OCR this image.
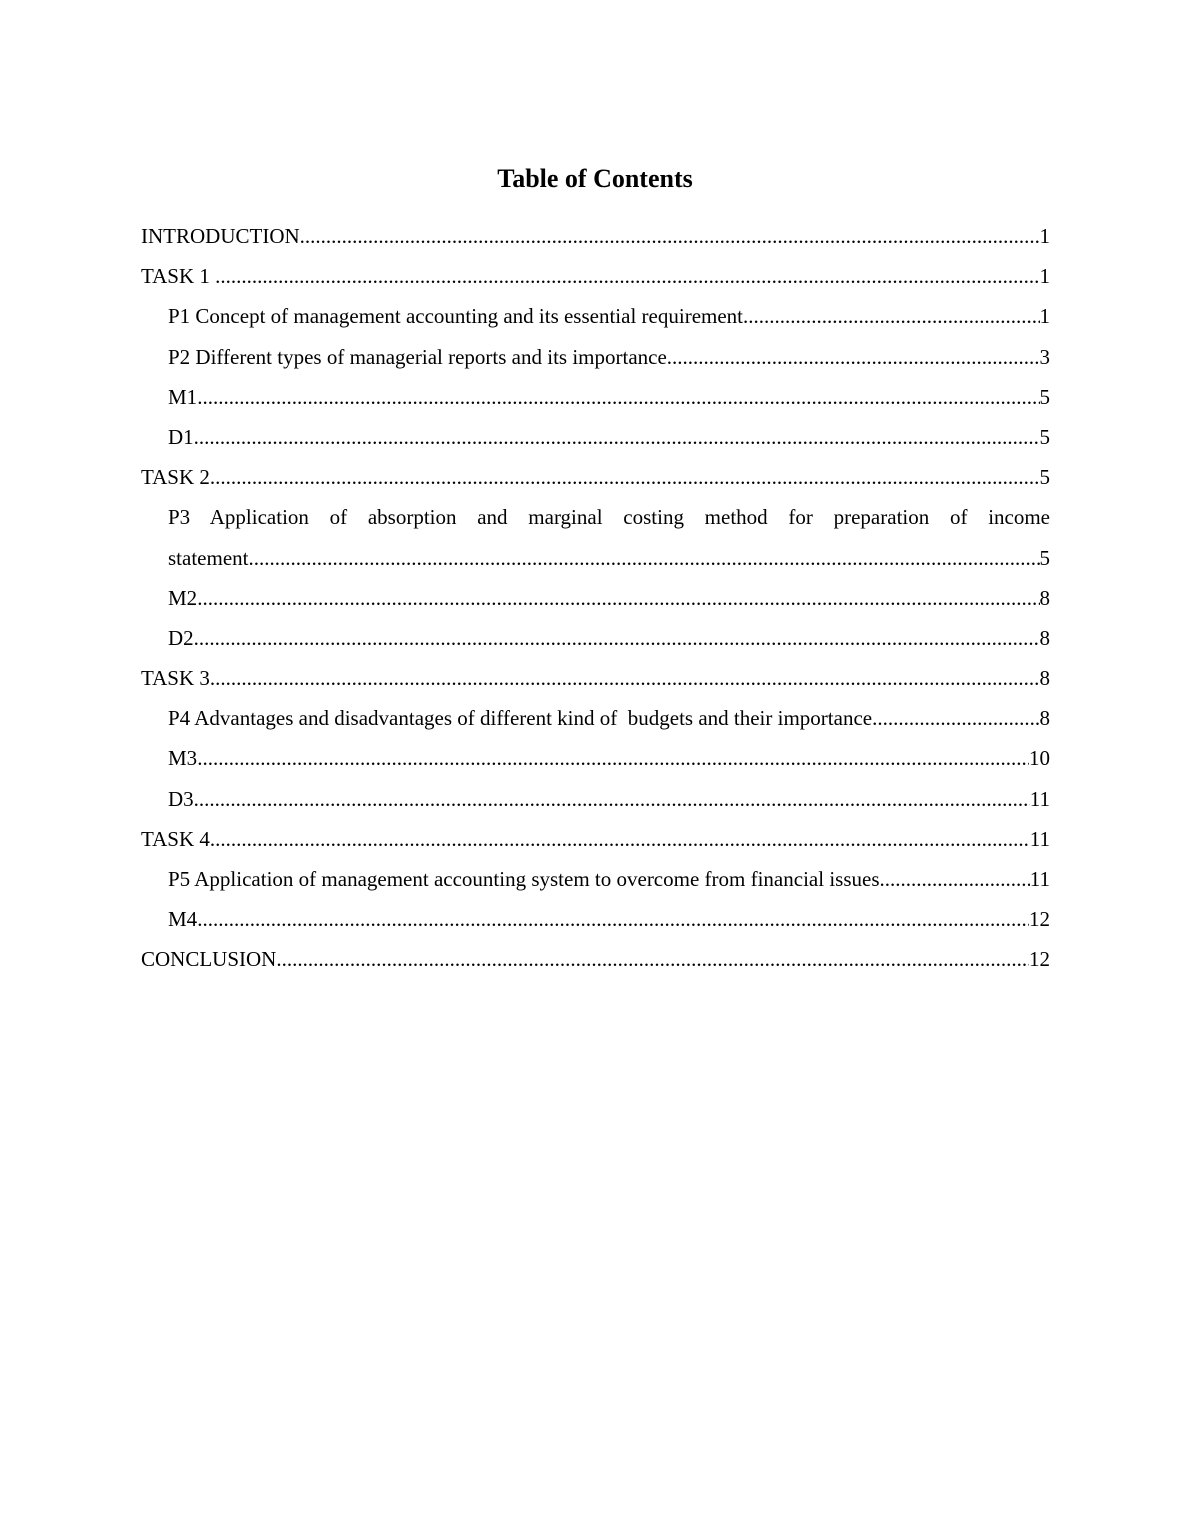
Table of Contents
INTRODUCTION .....	1
TASK 1 .....	1
P1 Concept of management accounting and its essential requirement .....	1
P2 Different types of managerial reports and its importance .....	3
M1 .....	5
D1 .....	5
TASK 2 .....	5
P3 Application of absorption and marginal costing method for preparation of income
statement .....	5
M2 .....	8
D2 .....	8
TASK 3 .....	8
P4 Advantages and disadvantages of different kind of  budgets and their importance .....	8
M3 .....	10
D3 .....	11
TASK 4 .....	11
P5 Application of management accounting system to overcome from financial issues .....	11
M4 .....	12
CONCLUSION .....	12
